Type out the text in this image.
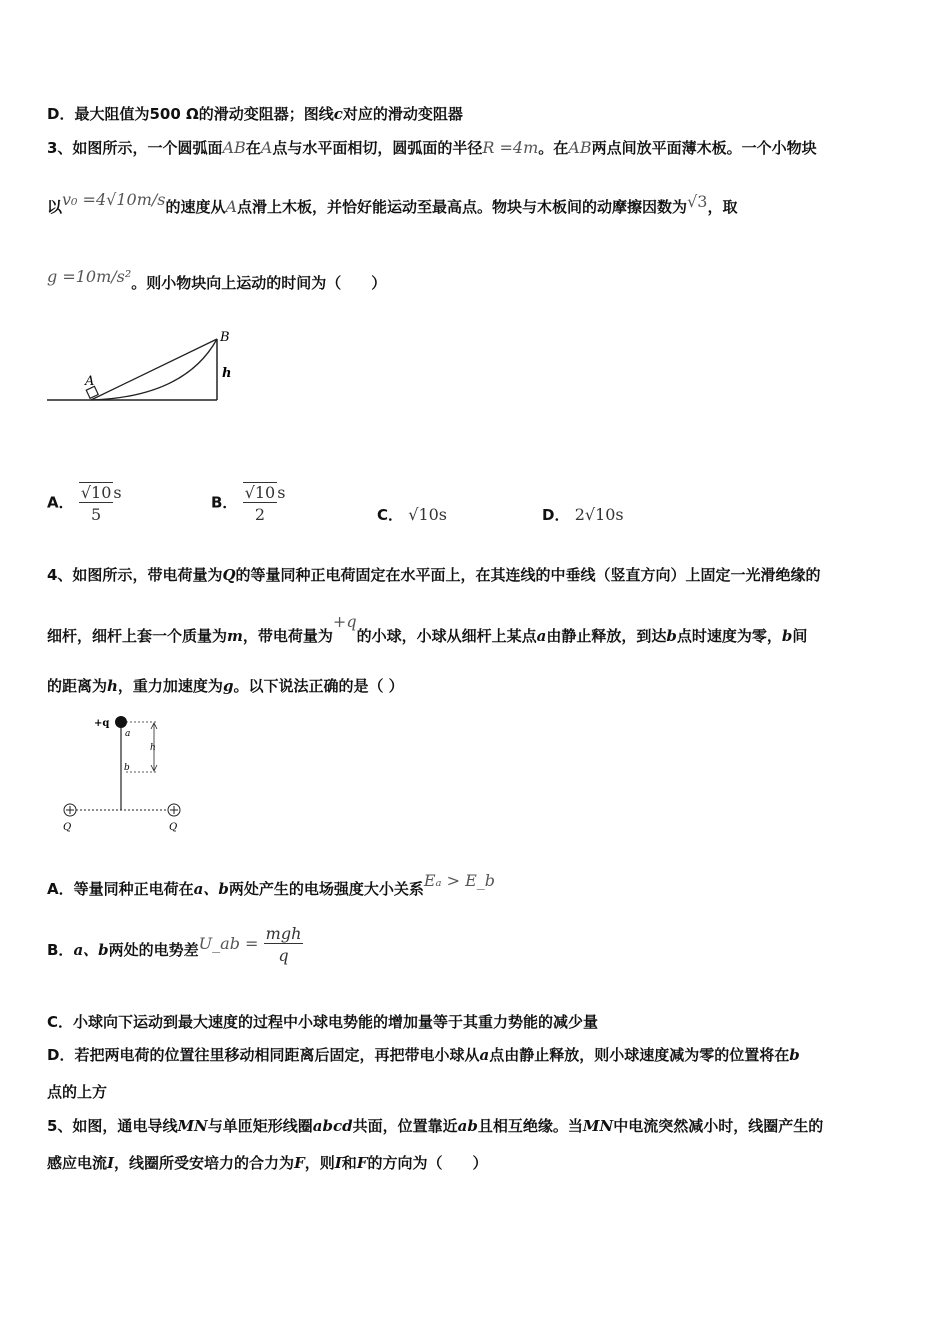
D．最大阻值为500 Ω的滑动变阻器；图线c对应的滑动变阻器
3、如图所示，一个圆弧面AB在A点与水平面相切，圆弧面的半径R =4m。在AB两点间放平面薄木板。一个小物块
以v₀ =4√10m/s的速度从A点滑上木板，并恰好能运动至最高点。物块与木板间的动摩擦因数为√3，取
g =10m/s²。则小物块向上运动的时间为（　　）
B
A
h
A． $\frac{√10}{5}$ s
B． $\frac{√10}{2}$ s
C． √10s	D． 2√10s
4、如图所示，带电荷量为Q的等量同种正电荷固定在水平面上，在其连线的中垂线（竖直方向）上固定一光滑绝缘的
细杆，细杆上套一个质量为m，带电荷量为+q的小球，小球从细杆上某点a由静止释放，到达b点时速度为零，b间
的距离为h，重力加速度为g。以下说法正确的是（ ）
+q
a
b
h
Q	Q
A．等量同种正电荷在a、b两处产生的电场强度大小关系Eₐ > E_b
B．a、b两处的电势差U_ab = $\frac{\text{mgh}}{q}$
C．小球向下运动到最大速度的过程中小球电势能的增加量等于其重力势能的减少量
D．若把两电荷的位置往里移动相同距离后固定，再把带电小球从a点由静止释放，则小球速度减为零的位置将在b
点的上方
5、如图，通电导线MN与单匝矩形线圈abcd共面，位置靠近ab且相互绝缘。当MN中电流突然减小时，线圈产生的
感应电流I，线圈所受安培力的合力为F，则I和F的方向为（　　）
